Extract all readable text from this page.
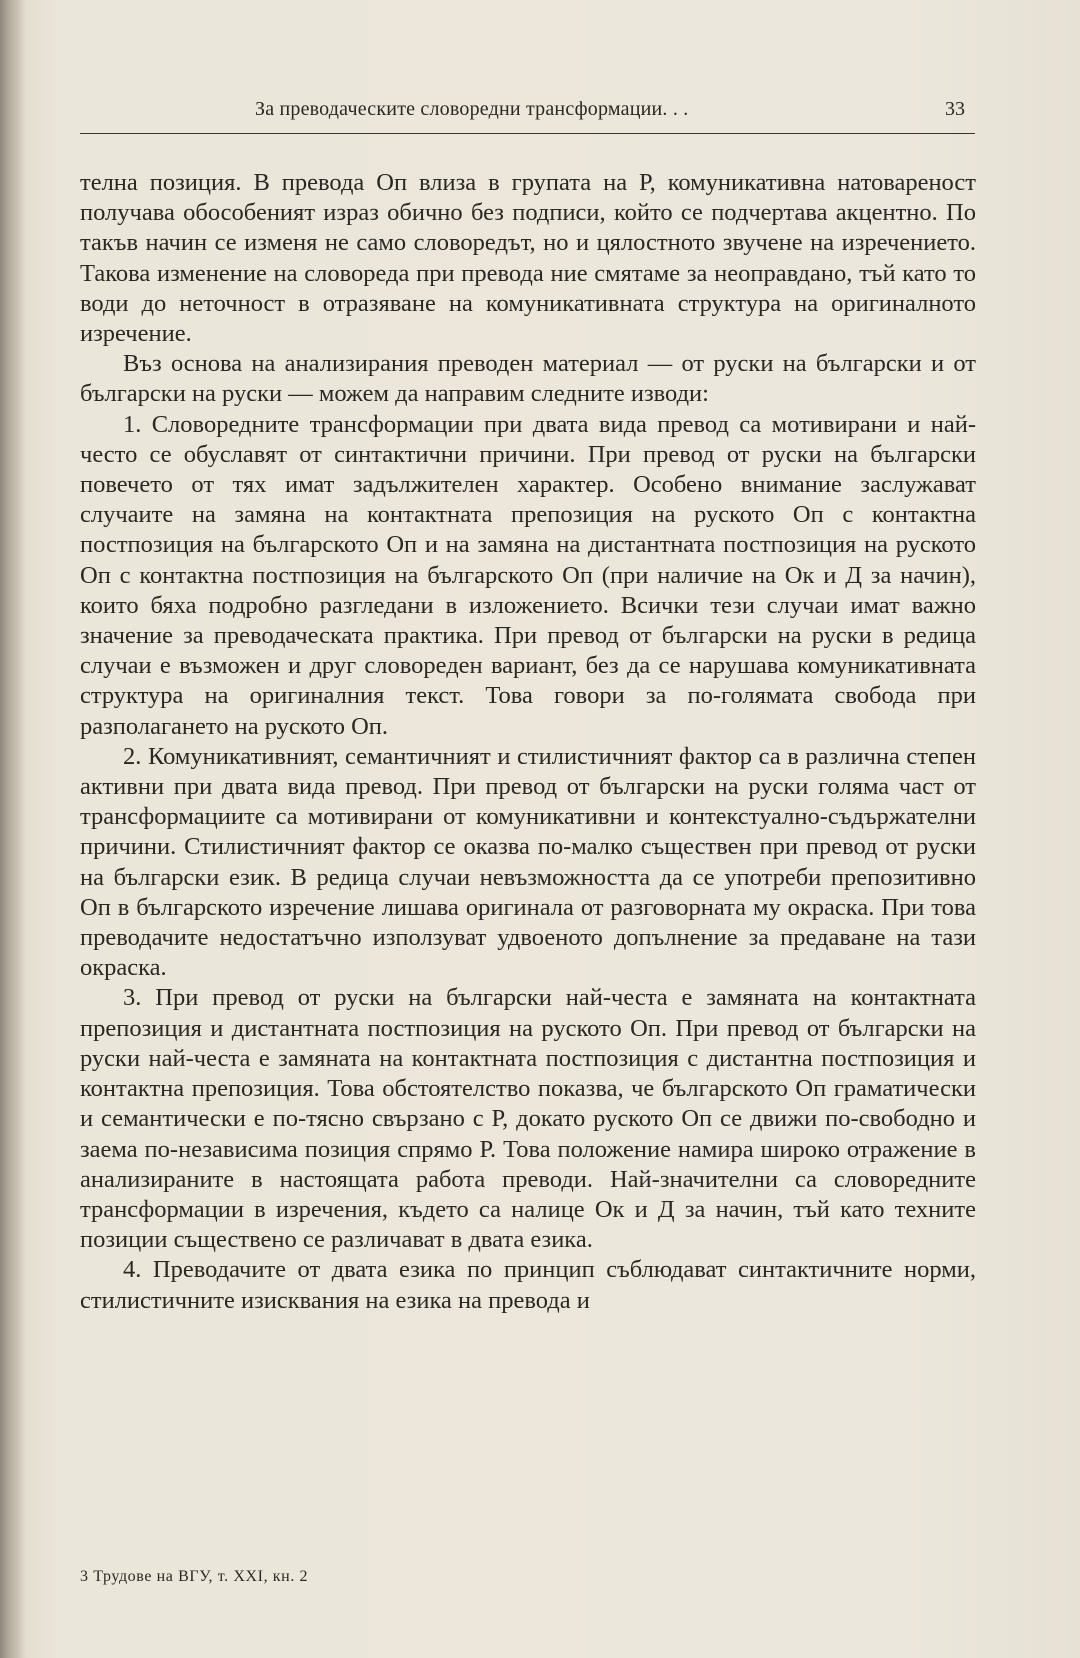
За преводаческите словоредни трансформации. . .	33

телна позиция. В превода Оп влиза в групата на Р, комуникативна натовареност получава обособеният израз обично без подписи, който се подчертава акцентно. По такъв начин се изменя не само словоредът, но и цялостното звучене на изречението. Такова изменение на словореда при превода ние смятаме за неоправдано, тъй като то води до неточност в отразяване на комуникативната структура на оригиналното изречение.

Въз основа на анализирания преводен материал — от руски на български и от български на руски — можем да направим следните изводи:

1. Словоредните трансформации при двата вида превод са мотивирани и най-често се обуславят от синтактични причини. При превод от руски на български повечето от тях имат задължителен характер. Особено внимание заслужават случаите на замяна на контактната препозиция на руското Оп с контактна постпозиция на българското Оп и на замяна на дистантната постпозиция на руското Оп с контактна постпозиция на българското Оп (при наличие на Ок и Д за начин), които бяха подробно разгледани в изложението. Всички тези случаи имат важно значение за преводаческата практика. При превод от български на руски в редица случаи е възможен и друг словореден вариант, без да се нарушава комуникативната структура на оригиналния текст. Това говори за по-голямата свобода при разполагането на руското Оп.

2. Комуникативният, семантичният и стилистичният фактор са в различна степен активни при двата вида превод. При превод от български на руски голяма част от трансформациите са мотивирани от комуникативни и контекстуално-съдържателни причини. Стилистичният фактор се оказва по-малко съществен при превод от руски на български език. В редица случаи невъзможността да се употреби препозитивно Оп в българското изречение лишава оригинала от разговорната му окраска. При това преводачите недостатъчно използуват удвоеното допълнение за предаване на тази окраска.

3. При превод от руски на български най-честа е замяната на контактната препозиция и дистантната постпозиция на руското Оп. При превод от български на руски най-честа е замяната на контактната постпозиция с дистантна постпозиция и контактна препозиция. Това обстоятелство показва, че българското Оп граматически и семантически е по-тясно свързано с Р, докато руското Оп се движи по-свободно и заема по-независима позиция спрямо Р. Това положение намира широко отражение в анализираните в настоящата работа преводи. Най-значителни са словоредните трансформации в изречения, където са налице Ок и Д за начин, тъй като техните позиции съществено се различават в двата езика.

4. Преводачите от двата езика по принцип съблюдават синтактичните норми, стилистичните изисквания на езика на превода и

3 Трудове на ВГУ, т. XXI, кн. 2
